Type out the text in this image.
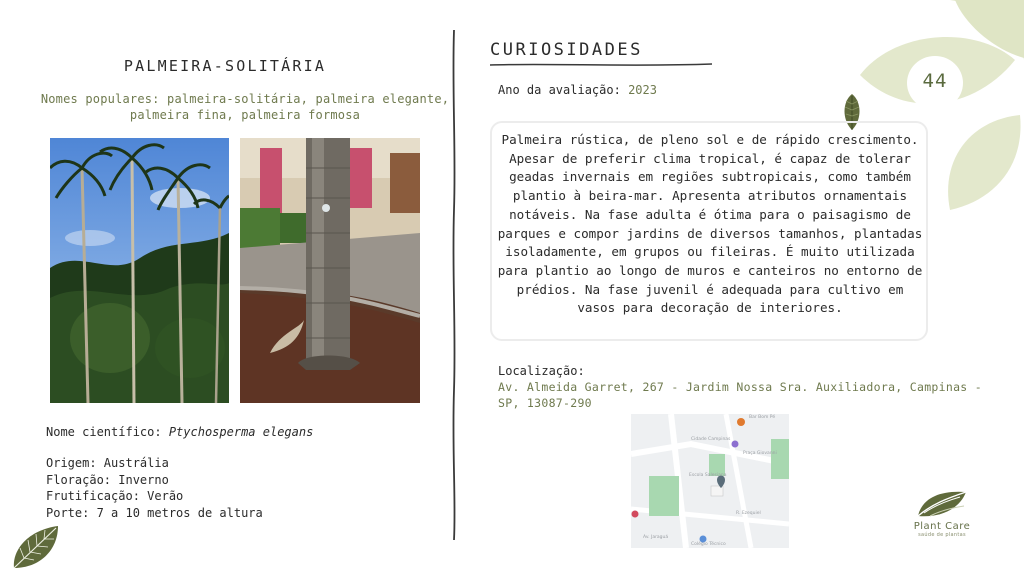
44
PALMEIRA-SOLITÁRIA
Nomes populares: palmeira-solitária, palmeira elegante, palmeira fina, palmeira formosa
Nome científico: Ptychosperma elegans
Origem: Austrália
Floração: Inverno
Frutificação: Verão
Porte: 7 a 10 metros de altura
CURIOSIDADES
Ano da avaliação: 2023
Palmeira rústica, de pleno sol e de rápido crescimento. Apesar de preferir clima tropical, é capaz de tolerar geadas invernais em regiões subtropicais, como também plantio à beira-mar. Apresenta atributos ornamentais notáveis. Na fase adulta é ótima para o paisagismo de parques e compor jardins de diversos tamanhos, plantadas isoladamente, em grupos ou fileiras. É muito utilizada para plantio ao longo de muros e canteiros no entorno de prédios. Na fase juvenil é adequada para cultivo em vasos para decoração de interiores.
Localização:
Av. Almeida Garret, 267 - Jardim Nossa Sra. Auxiliadora, Campinas - SP, 13087-290
Cidade Campinas
Praça Giovanni
Escola Salesiana
Av. Jaraguá
R. Ezequiel
Colégio Técnico
Bar Bom Pé
Plant Care
saúde de plantas
